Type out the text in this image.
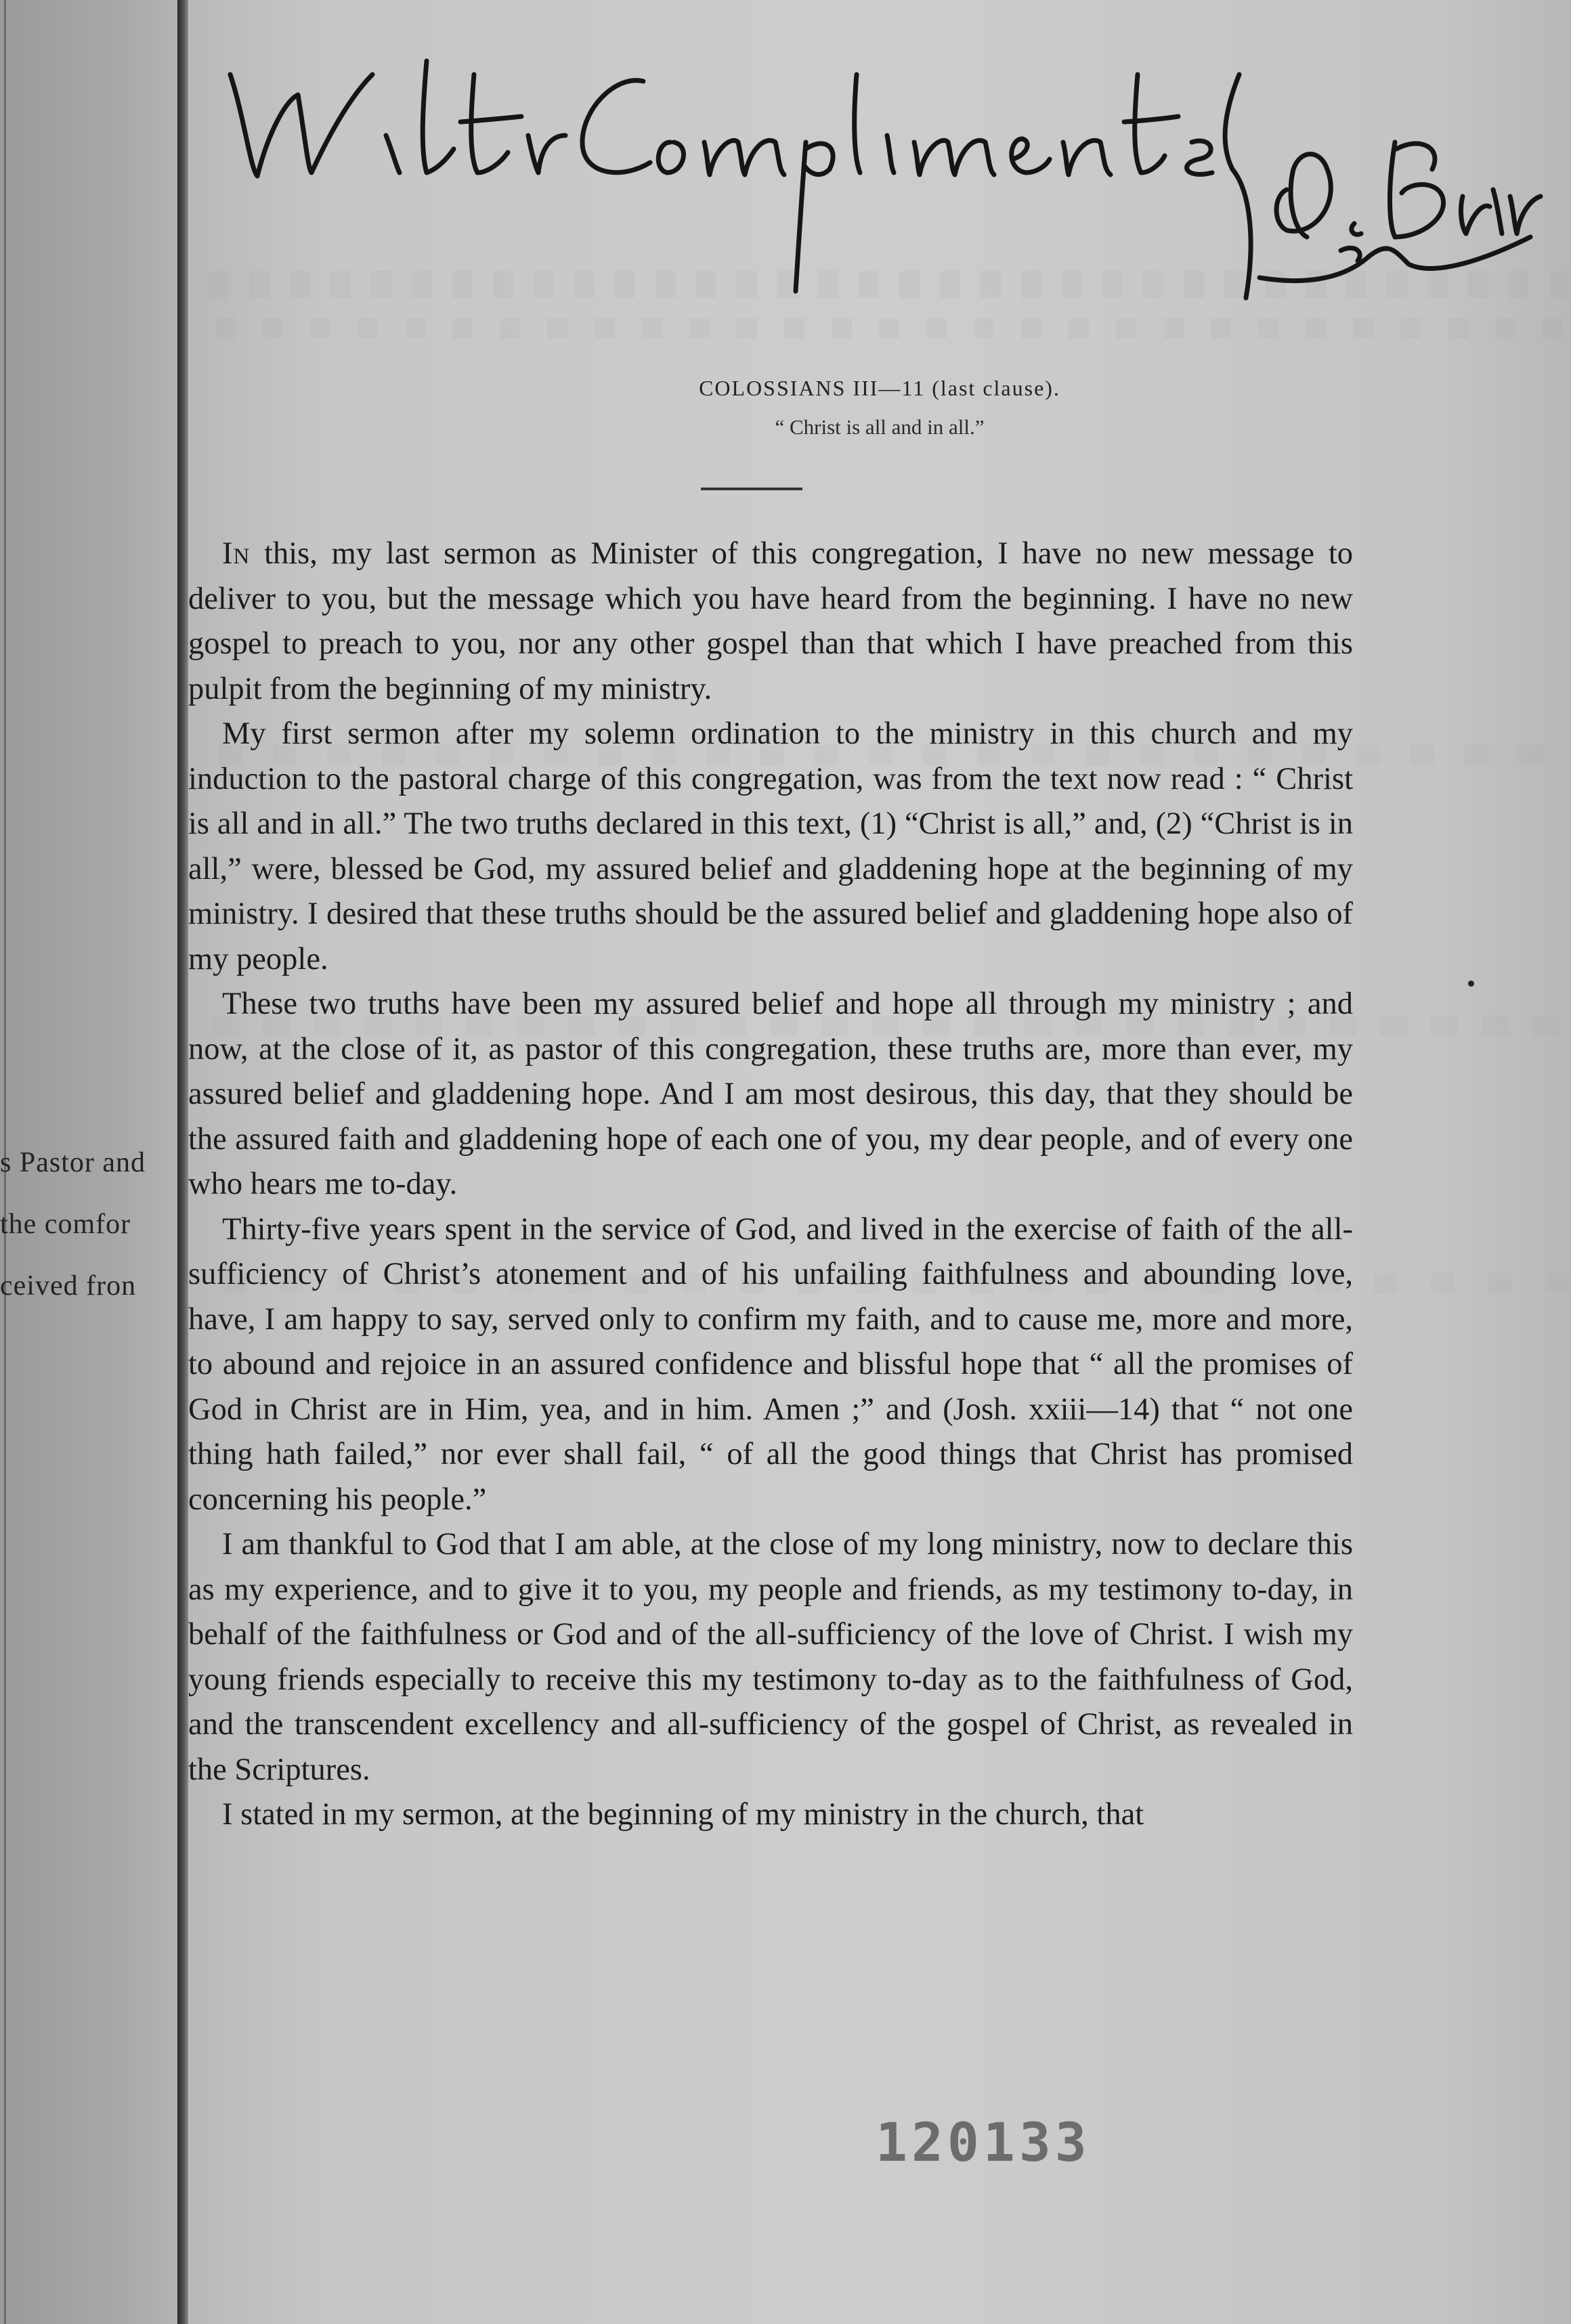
s Pastor and
the comfor
ceived fron
COLOSSIANS III—11 (last clause).
“ Christ is all and in all.”

In this, my last sermon as Minister of this congregation, I have no new message to deliver to you, but the message which you have heard from the beginning. I have no new gospel to preach to you, nor any other gospel than that which I have preached from this pulpit from the beginning of my ministry.

My first sermon after my solemn ordination to the ministry in this church and my induction to the pastoral charge of this congregation, was from the text now read : “ Christ is all and in all.” The two truths declared in this text, (1) “Christ is all,” and, (2) “Christ is in all,” were, blessed be God, my assured belief and gladdening hope at the beginning of my ministry. I desired that these truths should be the assured belief and gladdening hope also of my people.

These two truths have been my assured belief and hope all through my ministry ; and now, at the close of it, as pastor of this congregation, these truths are, more than ever, my assured belief and gladdening hope. And I am most desirous, this day, that they should be the assured faith and gladdening hope of each one of you, my dear people, and of every one who hears me to-day.

Thirty-five years spent in the service of God, and lived in the exercise of faith of the all-sufficiency of Christ’s atonement and of his unfailing faithfulness and abounding love, have, I am happy to say, served only to confirm my faith, and to cause me, more and more, to abound and rejoice in an assured confidence and blissful hope that “ all the promises of God in Christ are in Him, yea, and in him. Amen ;” and (Josh. xxiii—14) that “ not one thing hath failed,” nor ever shall fail, “ of all the good things that Christ has promised concerning his people.”

I am thankful to God that I am able, at the close of my long ministry, now to declare this as my experience, and to give it to you, my people and friends, as my testimony to-day, in behalf of the faithfulness or God and of the all-sufficiency of the love of Christ. I wish my young friends especially to receive this my testimony to-day as to the faithfulness of God, and the transcendent excellency and all-sufficiency of the gospel of Christ, as revealed in the Scriptures.

I stated in my sermon, at the beginning of my ministry in the church, that

120133
